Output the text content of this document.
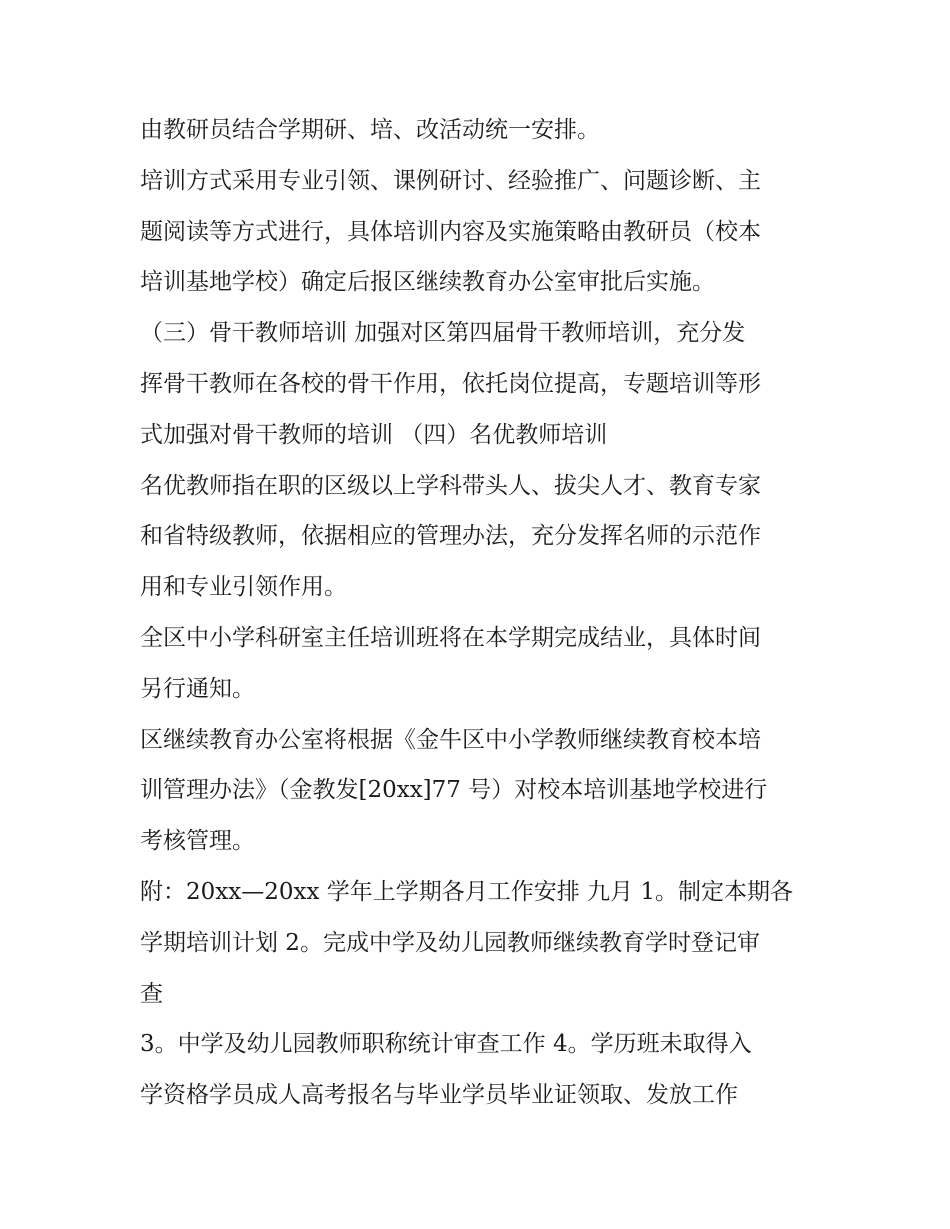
由教研员结合学期研、培、改活动统一安排。
培训方式采用专业引领、课例研讨、经验推广、问题诊断、主
题阅读等方式进行，具体培训内容及实施策略由教研员（校本
培训基地学校）确定后报区继续教育办公室审批后实施。
（三）骨干教师培训 加强对区第四届骨干教师培训，充分发
挥骨干教师在各校的骨干作用，依托岗位提高，专题培训等形
式加强对骨干教师的培训 （四）名优教师培训
名优教师指在职的区级以上学科带头人、拔尖人才、教育专家
和省特级教师，依据相应的管理办法，充分发挥名师的示范作
用和专业引领作用。
全区中小学科研室主任培训班将在本学期完成结业，具体时间
另行通知。
区继续教育办公室将根据《金牛区中小学教师继续教育校本培
训管理办法》（金教发[20xx]77 号）对校本培训基地学校进行
考核管理。
附：20xx—20xx 学年上学期各月工作安排 九月 1。制定本期各
学期培训计划 2。完成中学及幼儿园教师继续教育学时登记审
查
3。中学及幼儿园教师职称统计审查工作 4。学历班未取得入
学资格学员成人高考报名与毕业学员毕业证领取、发放工作
